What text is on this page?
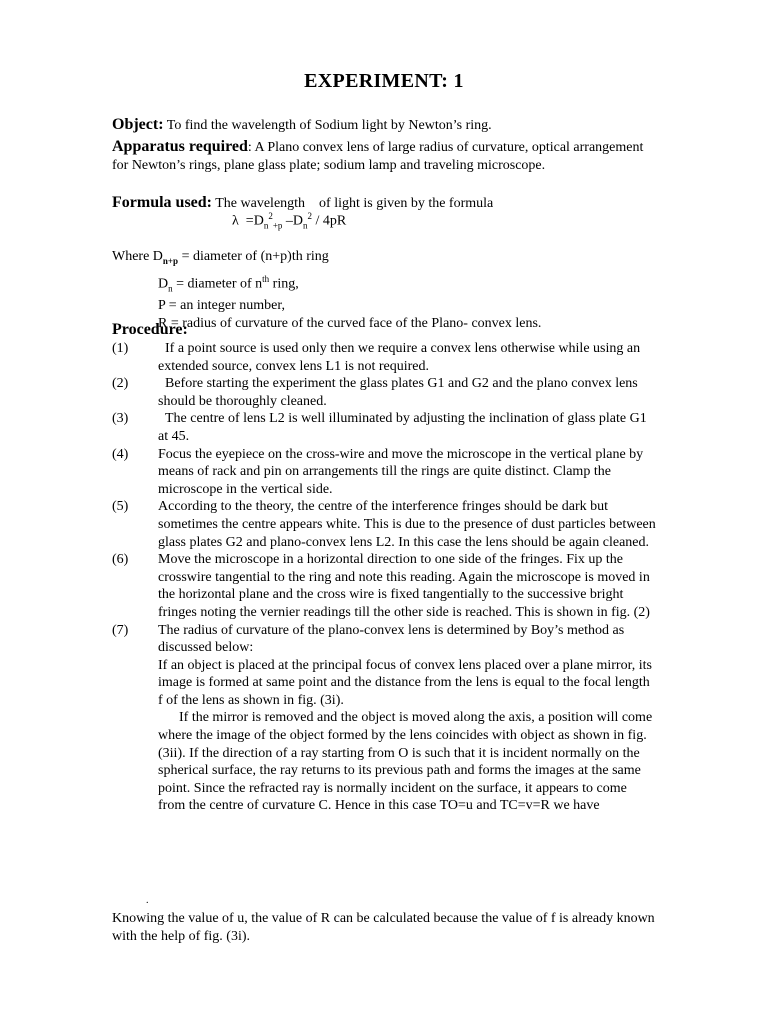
EXPERIMENT: 1
Object: To find the wavelength of Sodium light by Newton’s ring.
Apparatus required: A Plano convex lens of large radius of curvature, optical arrangement for Newton’s rings, plane glass plate; sodium lamp and traveling microscope.
Formula used: The wavelength    of light is given by the formula
$\lambda =D_n^2_{+p}$ $-D_n^2 / 4pR$
Where $D_{n+p}$ = diameter of (n+p)th ring
$D_n$ = diameter of $n^{th}$ ring,
P = an integer number,
R = radius of curvature of the curved face of the Plano- convex lens.
Procedure:
(1)	If a point source is used only then we require a convex lens otherwise while using an extended source, convex lens L1 is not required.
(2)	Before starting the experiment the glass plates G1 and G2 and the plano convex lens should be thoroughly cleaned.
(3)	The centre of lens L2 is well illuminated by adjusting the inclination of glass plate G1 at 45.
(4)	Focus the eyepiece on the cross-wire and move the microscope in the vertical plane by means of rack and pin on arrangements till the rings are quite distinct. Clamp the microscope in the vertical side.
(5)	According to the theory, the centre of the interference fringes should be dark but sometimes the centre appears white. This is due to the presence of dust particles between glass plates G2 and plano-convex lens L2. In this case the lens should be again cleaned.
(6)	Move the microscope in a horizontal direction to one side of the fringes. Fix up the crosswire tangential to the ring and note this reading. Again the microscope is moved in the horizontal plane and the cross wire is fixed tangentially to the successive bright fringes noting the vernier readings till the other side is reached. This is shown in fig. (2)
(7)	The radius of curvature of the plano-convex lens is determined by Boy’s method as discussed below:
If an object is placed at the principal focus of convex lens placed over a plane mirror, its image is formed at same point and the distance from the lens is equal to the focal length f of the lens as shown in fig. (3i).
If the mirror is removed and the object is moved along the axis, a position will come where the image of the object formed by the lens coincides with object as shown in fig. (3ii). If the direction of a ray starting from O is such that it is incident normally on the spherical surface, the ray returns to its previous path and forms the images at the same point. Since the refracted ray is normally incident on the surface, it appears to come from the centre of curvature C. Hence in this case TO=u and TC=v=R we have
.
Knowing the value of u, the value of R can be calculated because the value of f is already known with the help of fig. (3i).
